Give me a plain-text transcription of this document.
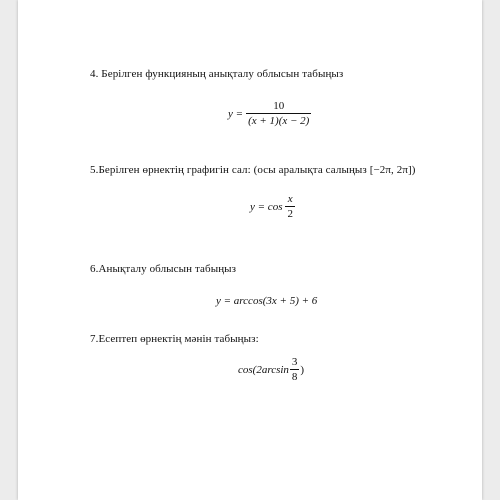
4. Берілген функцияның анықталу облысын табыңыз
$y = \frac{10}{(x + 1)(x - 2)}$
5.Берілген өрнектің графигін сал: (осы аралықта салыңыз [−2π, 2π])
$y = \cos \frac{x}{2}$
6.Анықталу облысын табыңыз
y = arccos(3x + 5) + 6
7.Есептеп өрнектің мәнін табыңыз:
$\cos(2\arcsin \frac{3}{8}$ )
